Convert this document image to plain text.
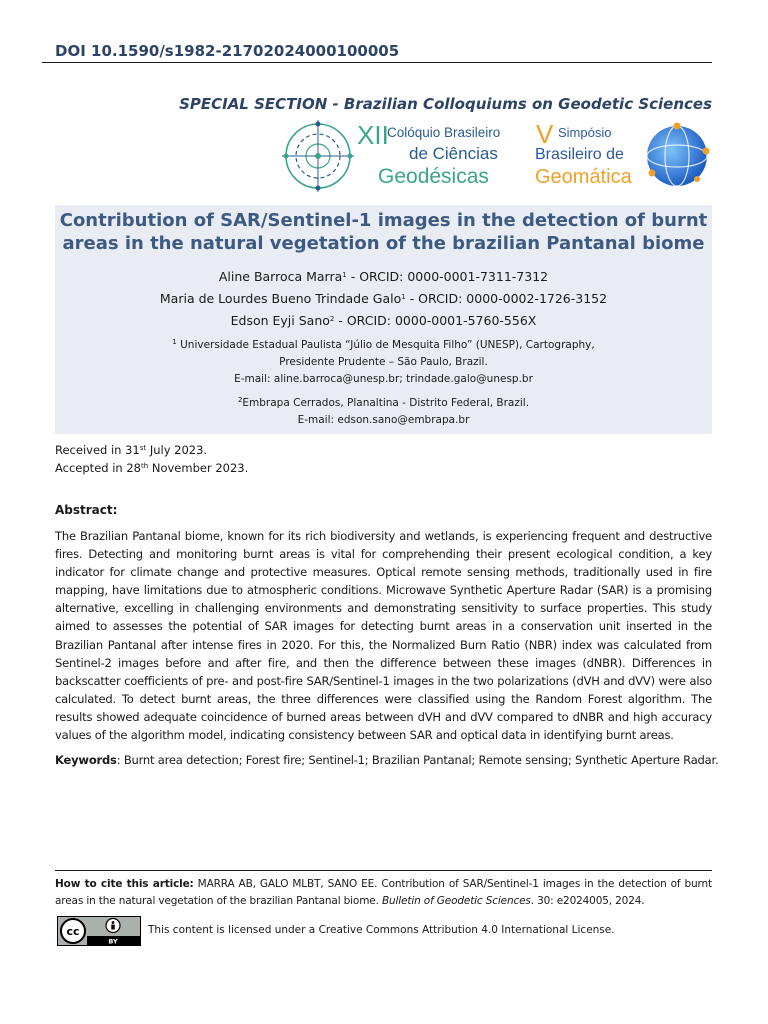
DOI 10.1590/s1982-21702024000100005
SPECIAL SECTION - Brazilian Colloquiums on Geodetic Sciences
XII
Colóquio Brasileiro
de Ciências
Geodésicas
V Simpósio
Brasileiro de
Geomática
Contribution of SAR/Sentinel-1 images in the detection of burnt
areas in the natural vegetation of the brazilian Pantanal biome
Aline Barroca Marra$^1$ - ORCID: 0000-0001-7311-7312
Maria de Lourdes Bueno Trindade Galo$^1$ - ORCID: 0000-0002-1726-3152
Edson Eyji Sano$^2$ - ORCID: 0000-0001-5760-556X
$^1$ Universidade Estadual Paulista “Júlio de Mesquita Filho” (UNESP), Cartography,
Presidente Prudente – São Paulo, Brazil.
E-mail: aline.barroca@unesp.br; trindade.galo@unesp.br
$^2$Embrapa Cerrados, Planaltina - Distrito Federal, Brazil.
E-mail: edson.sano@embrapa.br
Received in 31st July 2023.
Accepted in 28th November 2023.
Abstract:
The Brazilian Pantanal biome, known for its rich biodiversity and wetlands, is experiencing frequent and destructive fires. Detecting and monitoring burnt areas is vital for comprehending their present ecological condition, a key indicator for climate change and protective measures. Optical remote sensing methods, traditionally used in fire mapping, have limitations due to atmospheric conditions. Microwave Synthetic Aperture Radar (SAR) is a promising alternative, excelling in challenging environments and demonstrating sensitivity to surface properties. This study aimed to assesses the potential of SAR images for detecting burnt areas in a conservation unit inserted in the Brazilian Pantanal after intense fires in 2020. For this, the Normalized Burn Ratio (NBR) index was calculated from Sentinel-2 images before and after fire, and then the difference between these images (dNBR). Differences in backscatter coefficients of pre- and post-fire SAR/Sentinel-1 images in the two polarizations (dVH and dVV) were also calculated. To detect burnt areas, the three differences were classified using the Random Forest algorithm. The results showed adequate coincidence of burned areas between dVH and dVV compared to dNBR and high accuracy values of the algorithm model, indicating consistency between SAR and optical data in identifying burnt areas.
Keywords: Burnt area detection; Forest fire; Sentinel-1; Brazilian Pantanal; Remote sensing; Synthetic Aperture Radar.
How to cite this article: MARRA AB, GALO MLBT, SANO EE. Contribution of SAR/Sentinel-1 images in the detection of burnt areas in the natural vegetation of the brazilian Pantanal biome. Bulletin of Geodetic Sciences. 30: e2024005, 2024.
cc
BY
This content is licensed under a Creative Commons Attribution 4.0 International License.
